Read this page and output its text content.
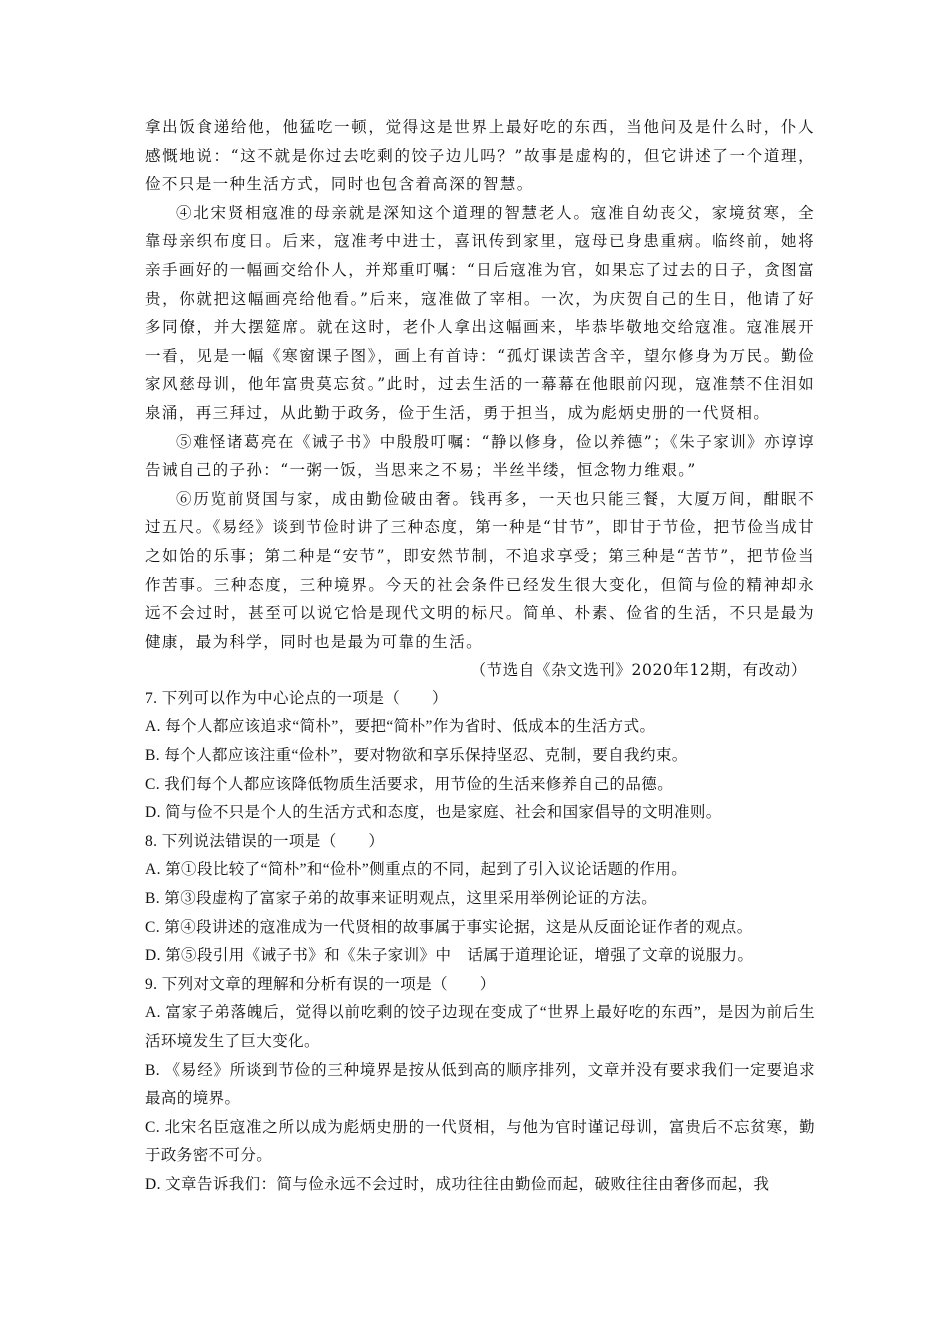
拿出饭食递给他，他猛吃一顿，觉得这是世界上最好吃的东西，当他问及是什么时，仆人感慨地说：“这不就是你过去吃剩的饺子边儿吗？”故事是虚构的，但它讲述了一个道理，俭不只是一种生活方式，同时也包含着高深的智慧。

④北宋贤相寇准的母亲就是深知这个道理的智慧老人。寇准自幼丧父，家境贫寒，全靠母亲织布度日。后来，寇准考中进士，喜讯传到家里，寇母已身患重病。临终前，她将亲手画好的一幅画交给仆人，并郑重叮嘱：“日后寇准为官，如果忘了过去的日子，贪图富贵，你就把这幅画亮给他看。”后来，寇准做了宰相。一次，为庆贺自己的生日，他请了好多同僚，并大摆筵席。就在这时，老仆人拿出这幅画来，毕恭毕敬地交给寇准。寇准展开一看，见是一幅《寒窗课子图》，画上有首诗：“孤灯课读苦含辛，望尔修身为万民。勤俭家风慈母训，他年富贵莫忘贫。”此时，过去生活的一幕幕在他眼前闪现，寇准禁不住泪如泉涌，再三拜过，从此勤于政务，俭于生活，勇于担当，成为彪炳史册的一代贤相。

⑤难怪诸葛亮在《诫子书》中殷殷叮嘱：“静以修身，俭以养德”；《朱子家训》亦谆谆告诫自己的子孙：“一粥一饭，当思来之不易；半丝半缕，恒念物力维艰。”

⑥历览前贤国与家，成由勤俭破由奢。钱再多，一天也只能三餐，大厦万间，酣眠不过五尺。《易经》谈到节俭时讲了三种态度，第一种是“甘节”，即甘于节俭，把节俭当成甘之如饴的乐事；第二种是“安节”，即安然节制，不追求享受；第三种是“苦节”，把节俭当作苦事。三种态度，三种境界。今天的社会条件已经发生很大变化，但简与俭的精神却永远不会过时，甚至可以说它恰是现代文明的标尺。简单、朴素、俭省的生活，不只是最为健康，最为科学，同时也是最为可靠的生活。

（节选自《杂文选刊》2020年12期，有改动）

7. 下列可以作为中心论点的一项是（　　）

A. 每个人都应该追求“简朴”，要把“简朴”作为省时、低成本的生活方式。

B. 每个人都应该注重“俭朴”，要对物欲和享乐保持坚忍、克制，要自我约束。

C. 我们每个人都应该降低物质生活要求，用节俭的生活来修养自己的品德。

D. 简与俭不只是个人的生活方式和态度，也是家庭、社会和国家倡导的文明准则。

8. 下列说法错误的一项是（　　）

A. 第①段比较了“简朴”和“俭朴”侧重点的不同，起到了引入议论话题的作用。

B. 第③段虚构了富家子弟的故事来证明观点，这里采用举例论证的方法。

C. 第④段讲述的寇准成为一代贤相的故事属于事实论据，这是从反面论证作者的观点。

D. 第⑤段引用《诫子书》和《朱子家训》中　话属于道理论证，增强了文章的说服力。

9. 下列对文章的理解和分析有误的一项是（　　）

A. 富家子弟落魄后，觉得以前吃剩的饺子边现在变成了“世界上最好吃的东西”，是因为前后生活环境发生了巨大变化。

B. 《易经》所谈到节俭的三种境界是按从低到高的顺序排列，文章并没有要求我们一定要追求最高的境界。

C. 北宋名臣寇准之所以成为彪炳史册的一代贤相，与他为官时谨记母训，富贵后不忘贫寒，勤于政务密不可分。

D. 文章告诉我们：简与俭永远不会过时，成功往往由勤俭而起，破败往往由奢侈而起，我
